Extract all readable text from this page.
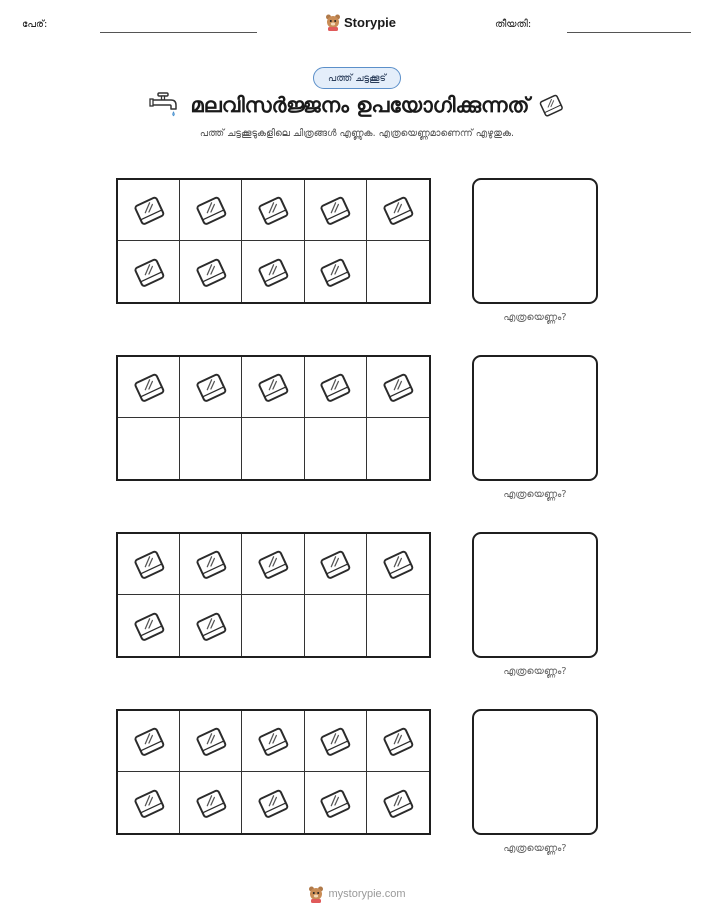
പേര്:	Storypie	തീയതി:
പത്ത് ചട്ടക്കൂട്
മലവിസർജ്ജനം ഉപയോഗിക്കുന്നത്
പത്ത് ചട്ടക്കൂടുകളിലെ ചിത്രങ്ങൾ എണ്ണുക. എത്രയെണ്ണമാണെന്ന് എഴുതുക.
എത്രയെണ്ണം?
എത്രയെണ്ണം?
എത്രയെണ്ണം?
എത്രയെണ്ണം?
mystorypie.com
